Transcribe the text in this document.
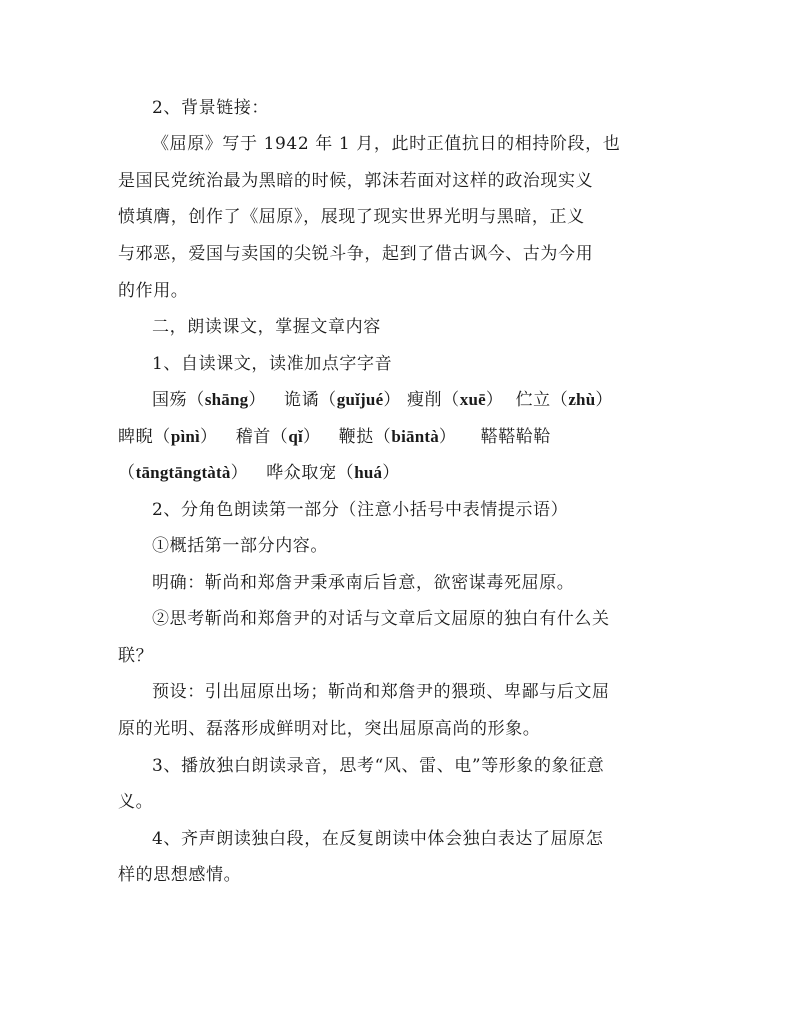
2、背景链接：
《屈原》写于 1942 年 1 月，此时正值抗日的相持阶段，也
是国民党统治最为黑暗的时候，郭沫若面对这样的政治现实义
愤填膺，创作了《屈原》，展现了现实世界光明与黑暗，正义
与邪恶，爱国与卖国的尖锐斗争，起到了借古讽今、古为今用
的作用。
二，朗读课文，掌握文章内容
1、自读课文，读准加点字字音
国殇（shāng） 诡谲（guǐjué） 瘦削（xuē） 伫立（zhù）
睥睨（pìnì） 稽首（qǐ） 鞭挞（biāntà） 鞳鞳鞈鞈
（tāngtāngtàtà） 哗众取宠（huá）
2、分角色朗读第一部分（注意小括号中表情提示语）
①概括第一部分内容。
明确：靳尚和郑詹尹秉承南后旨意，欲密谋毒死屈原。
②思考靳尚和郑詹尹的对话与文章后文屈原的独白有什么关
联？
预设：引出屈原出场；靳尚和郑詹尹的猥琐、卑鄙与后文屈
原的光明、磊落形成鲜明对比，突出屈原高尚的形象。
3、播放独白朗读录音，思考“风、雷、电”等形象的象征意
义。
4、齐声朗读独白段，在反复朗读中体会独白表达了屈原怎
样的思想感情。
